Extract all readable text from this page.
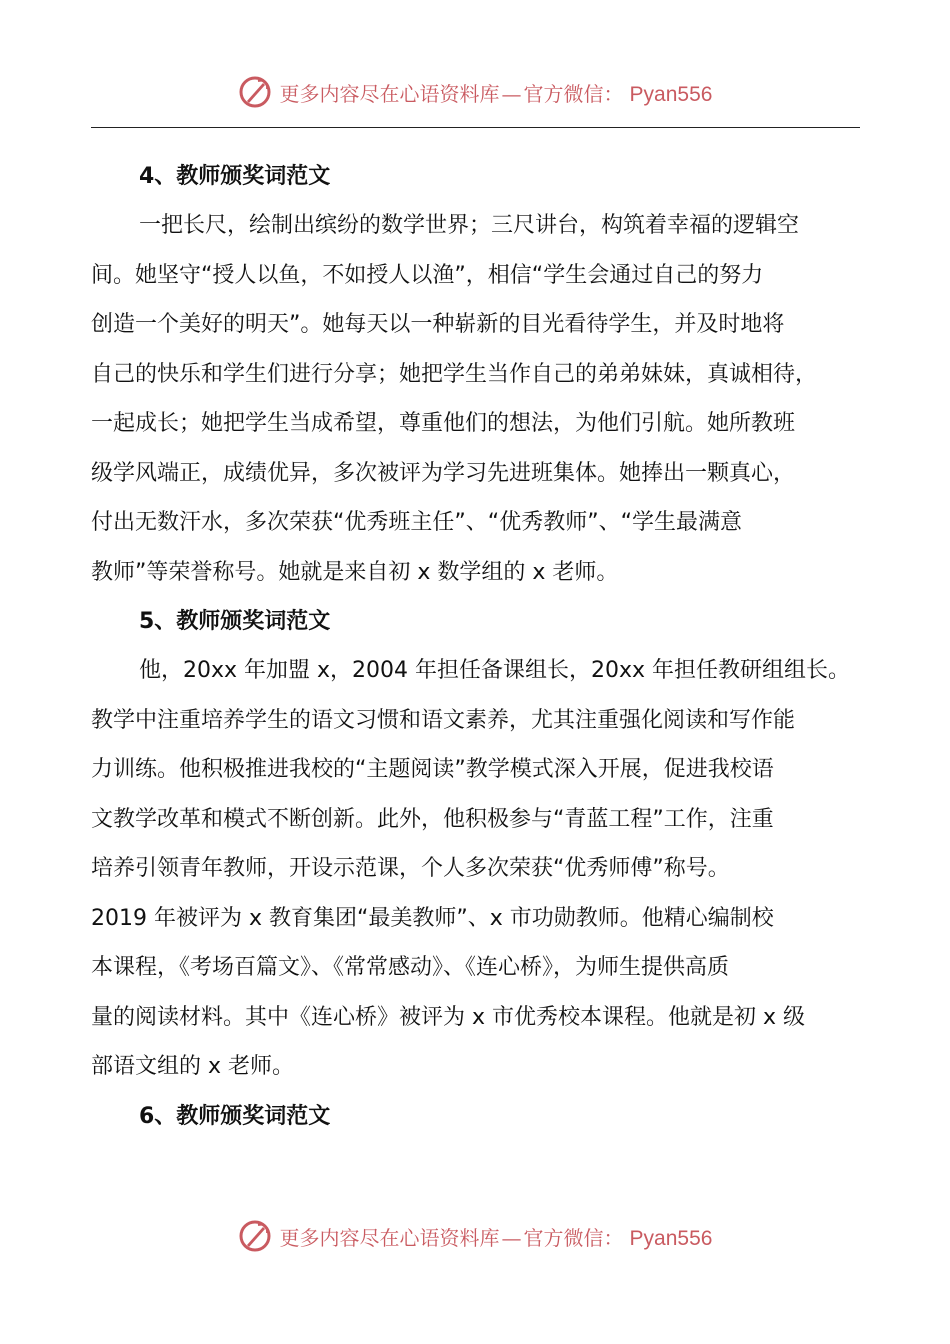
更多内容尽在心语资料库 — 官方微信 ： Pyan556
4、教师颁奖词范文
一把长尺，绘制出缤纷的数学世界；三尺讲台，构筑着幸福的逻辑空
间。她坚守“授人以鱼，不如授人以渔”，相信“学生会通过自己的努力
创造一个美好的明天”。她每天以一种崭新的目光看待学生，并及时地将
自己的快乐和学生们进行分享；她把学生当作自己的弟弟妹妹，真诚相待，
一起成长；她把学生当成希望，尊重他们的想法，为他们引航。她所教班
级学风端正，成绩优异，多次被评为学习先进班集体。她捧出一颗真心，
付出无数汗水，多次荣获“优秀班主任”、“优秀教师”、“学生最满意
教师”等荣誉称号。她就是来自初 x 数学组的 x 老师。
5、教师颁奖词范文
他，20xx 年加盟 x，2004 年担任备课组长，20xx 年担任教研组组长。
教学中注重培养学生的语文习惯和语文素养，尤其注重强化阅读和写作能
力训练。他积极推进我校的“主题阅读”教学模式深入开展，促进我校语
文教学改革和模式不断创新。此外，他积极参与“青蓝工程”工作，注重
培养引领青年教师，开设示范课，个人多次荣获“优秀师傅”称号。
2019 年被评为 x 教育集团“最美教师”、x 市功勋教师。他精心编制校
本课程，《考场百篇文》、《常常感动》、《连心桥》，为师生提供高质
量的阅读材料。其中《连心桥》被评为 x 市优秀校本课程。他就是初 x 级
部语文组的 x 老师。
6、教师颁奖词范文
更多内容尽在心语资料库 — 官方微信 ： Pyan556
